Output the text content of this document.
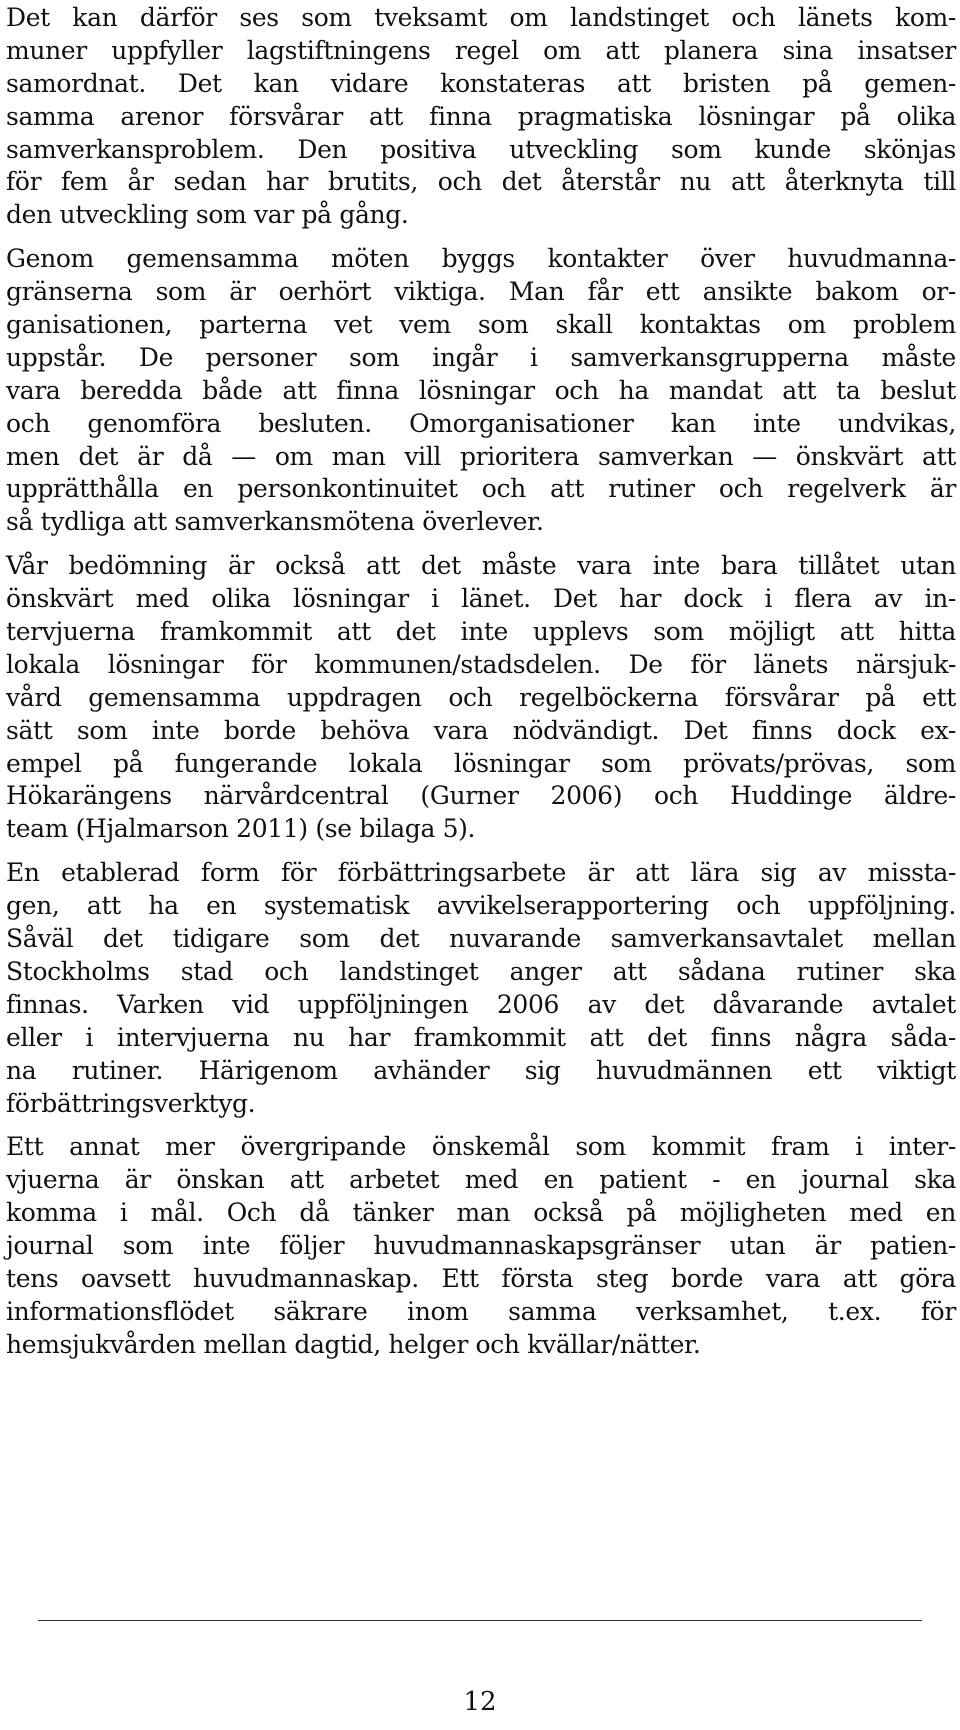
Det kan därför ses som tveksamt om landstinget och länets kom-
muner uppfyller lagstiftningens regel om att planera sina insatser
samordnat. Det kan vidare konstateras att bristen på gemen-
samma arenor försvårar att finna pragmatiska lösningar på olika
samverkansproblem. Den positiva utveckling som kunde skönjas
för fem år sedan har brutits, och det återstår nu att återknyta till
den utveckling som var på gång.
Genom gemensamma möten byggs kontakter över huvudmanna-
gränserna som är oerhört viktiga. Man får ett ansikte bakom or-
ganisationen, parterna vet vem som skall kontaktas om problem
uppstår. De personer som ingår i samverkansgrupperna måste
vara beredda både att finna lösningar och ha mandat att ta beslut
och genomföra besluten. Omorganisationer kan inte undvikas,
men det är då — om man vill prioritera samverkan — önskvärt att
upprätthålla en personkontinuitet och att rutiner och regelverk är
så tydliga att samverkansmötena överlever.
Vår bedömning är också att det måste vara inte bara tillåtet utan
önskvärt med olika lösningar i länet. Det har dock i flera av in-
tervjuerna framkommit att det inte upplevs som möjligt att hitta
lokala lösningar för kommunen/stadsdelen. De för länets närsjuk-
vård gemensamma uppdragen och regelböckerna försvårar på ett
sätt som inte borde behöva vara nödvändigt. Det finns dock ex-
empel på fungerande lokala lösningar som prövats/prövas, som
Hökarängens närvårdcentral (Gurner 2006) och Huddinge äldre-
team (Hjalmarson 2011) (se bilaga 5).
En etablerad form för förbättringsarbete är att lära sig av missta-
gen, att ha en systematisk avvikelserapportering och uppföljning.
Såväl det tidigare som det nuvarande samverkansavtalet mellan
Stockholms stad och landstinget anger att sådana rutiner ska
finnas. Varken vid uppföljningen 2006 av det dåvarande avtalet
eller i intervjuerna nu har framkommit att det finns några såda-
na rutiner. Härigenom avhänder sig huvudmännen ett viktigt
förbättringsverktyg.
Ett annat mer övergripande önskemål som kommit fram i inter-
vjuerna är önskan att arbetet med en patient - en journal ska
komma i mål. Och då tänker man också på möjligheten med en
journal som inte följer huvudmannaskapsgränser utan är patien-
tens oavsett huvudmannaskap. Ett första steg borde vara att göra
informationsflödet säkrare inom samma verksamhet, t.ex. för
hemsjukvården mellan dagtid, helger och kvällar/nätter.
12
